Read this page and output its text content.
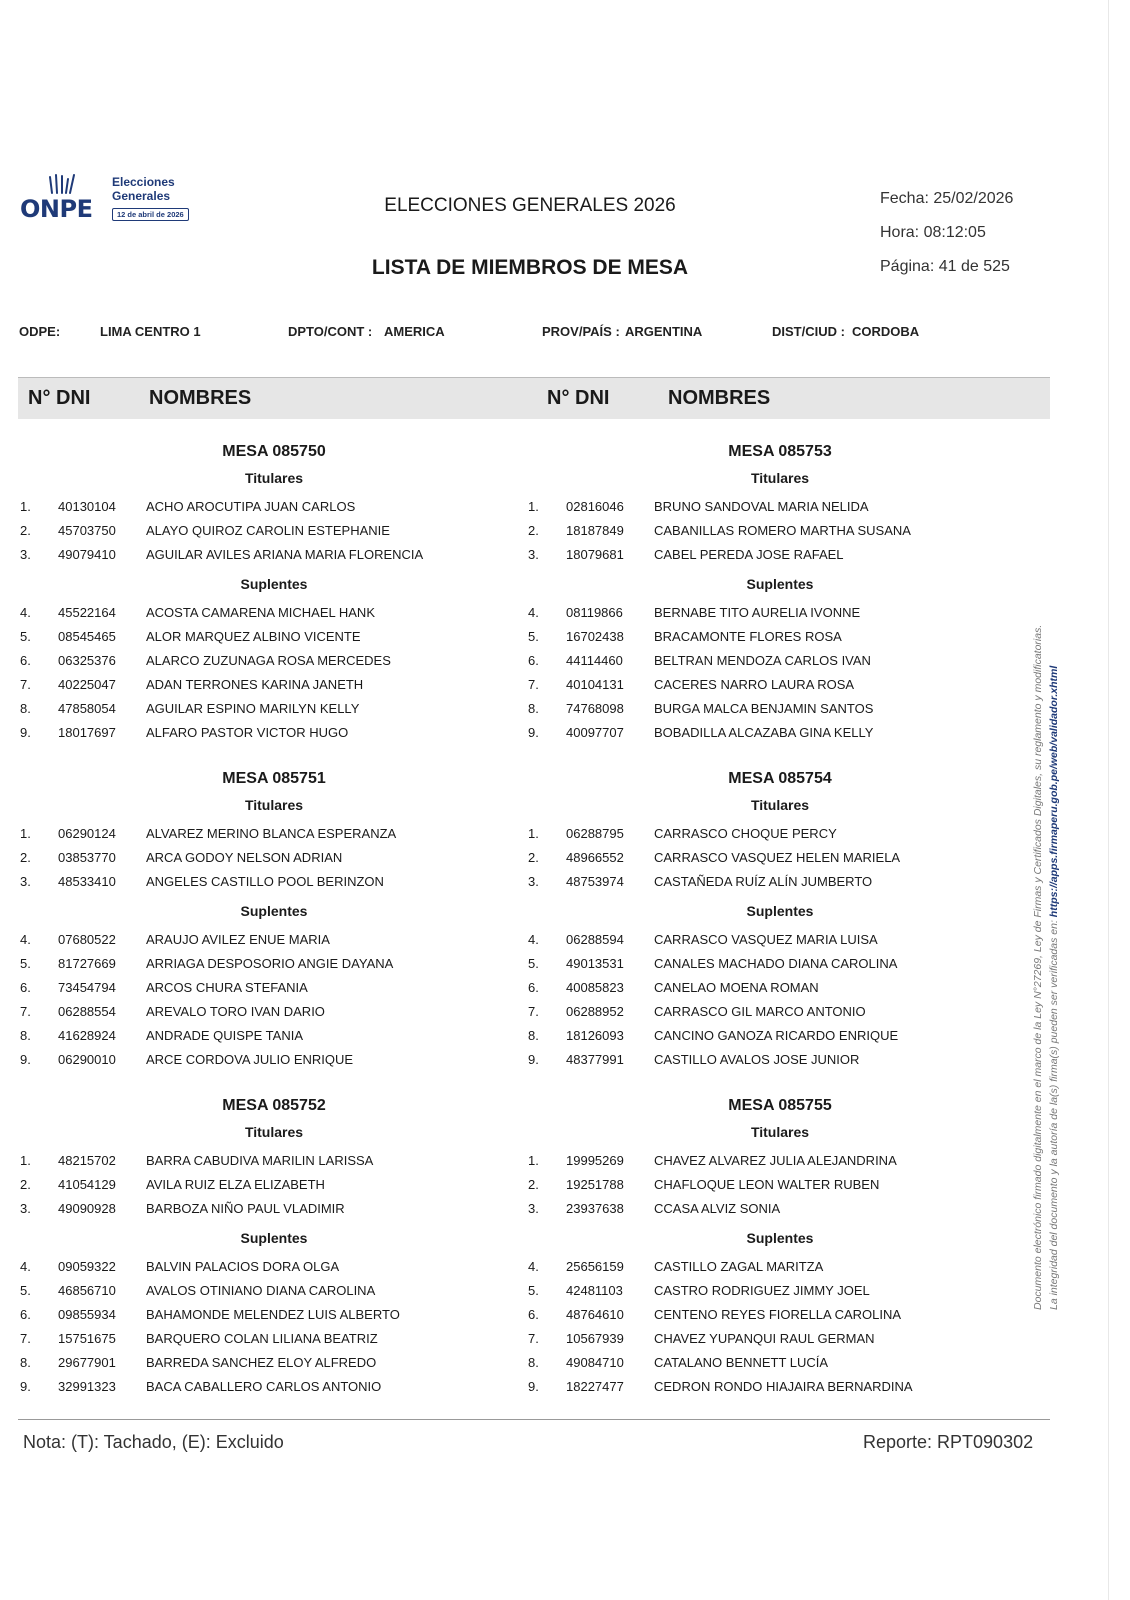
ONPE
Elecciones
Generales
12 de abril de 2026	ELECCIONES GENERALES 2026
LISTA DE MIEMBROS DE MESA
Fecha: 25/02/2026
Hora: 08:12:05
Página: 41 de 525
ODPE:	LIMA CENTRO 1	DPTO/CONT : AMERICA	PROV/PAÍS : ARGENTINA	DIST/CIUD : CORDOBA
N° DNI	NOMBRES	N° DNI	NOMBRES
MESA 085750
Titulares
1. 40130104 ACHO AROCUTIPA JUAN CARLOS
2. 45703750 ALAYO QUIROZ CAROLIN ESTEPHANIE
3. 49079410 AGUILAR AVILES ARIANA MARIA FLORENCIA
Suplentes
4. 45522164 ACOSTA CAMARENA MICHAEL HANK
5. 08545465 ALOR MARQUEZ ALBINO VICENTE
6. 06325376 ALARCO ZUZUNAGA ROSA MERCEDES
7. 40225047 ADAN TERRONES KARINA JANETH
8. 47858054 AGUILAR ESPINO MARILYN KELLY
9. 18017697 ALFARO PASTOR VICTOR HUGO
MESA 085753
Titulares
1. 02816046 BRUNO SANDOVAL MARIA NELIDA
2. 18187849 CABANILLAS ROMERO MARTHA SUSANA
3. 18079681 CABEL PEREDA JOSE RAFAEL
Suplentes
4. 08119866 BERNABE TITO AURELIA IVONNE
5. 16702438 BRACAMONTE FLORES ROSA
6. 44114460 BELTRAN MENDOZA CARLOS IVAN
7. 40104131 CACERES NARRO LAURA ROSA
8. 74768098 BURGA MALCA BENJAMIN SANTOS
9. 40097707 BOBADILLA ALCAZABA GINA KELLY
MESA 085751
Titulares
1. 06290124 ALVAREZ MERINO BLANCA ESPERANZA
2. 03853770 ARCA GODOY NELSON ADRIAN
3. 48533410 ANGELES CASTILLO POOL BERINZON
Suplentes
4. 07680522 ARAUJO AVILEZ ENUE MARIA
5. 81727669 ARRIAGA DESPOSORIO ANGIE DAYANA
6. 73454794 ARCOS CHURA STEFANIA
7. 06288554 AREVALO TORO IVAN DARIO
8. 41628924 ANDRADE QUISPE TANIA
9. 06290010 ARCE CORDOVA JULIO ENRIQUE
MESA 085754
Titulares
1. 06288795 CARRASCO CHOQUE PERCY
2. 48966552 CARRASCO VASQUEZ HELEN MARIELA
3. 48753974 CASTAÑEDA RUÍZ ALÍN JUMBERTO
Suplentes
4. 06288594 CARRASCO VASQUEZ MARIA LUISA
5. 49013531 CANALES MACHADO DIANA CAROLINA
6. 40085823 CANELAO MOENA ROMAN
7. 06288952 CARRASCO GIL MARCO ANTONIO
8. 18126093 CANCINO GANOZA RICARDO ENRIQUE
9. 48377991 CASTILLO AVALOS JOSE JUNIOR
MESA 085752
Titulares
1. 48215702 BARRA CABUDIVA MARILIN LARISSA
2. 41054129 AVILA RUIZ ELZA ELIZABETH
3. 49090928 BARBOZA NIÑO PAUL VLADIMIR
Suplentes
4. 09059322 BALVIN PALACIOS DORA OLGA
5. 46856710 AVALOS OTINIANO DIANA CAROLINA
6. 09855934 BAHAMONDE MELENDEZ LUIS ALBERTO
7. 15751675 BARQUERO COLAN LILIANA BEATRIZ
8. 29677901 BARREDA SANCHEZ ELOY ALFREDO
9. 32991323 BACA CABALLERO CARLOS ANTONIO
MESA 085755
Titulares
1. 19995269 CHAVEZ ALVAREZ JULIA ALEJANDRINA
2. 19251788 CHAFLOQUE LEON WALTER RUBEN
3. 23937638 CCASA ALVIZ SONIA
Suplentes
4. 25656159 CASTILLO ZAGAL MARITZA
5. 42481103 CASTRO RODRIGUEZ JIMMY JOEL
6. 48764610 CENTENO REYES FIORELLA CAROLINA
7. 10567939 CHAVEZ YUPANQUI RAUL GERMAN
8. 49084710 CATALANO BENNETT LUCÍA
9. 18227477 CEDRON RONDO HIAJAIRA BERNARDINA
Nota: (T): Tachado, (E): Excluido	Reporte: RPT090302
Documento electrónico firmado digitalmente en el marco de la Ley N°27269, Ley de Firmas y Certificados Digitales, su reglamento y modificatorias. La integridad del documento y la autoría de la(s) firma(s) pueden ser verificadas en: https://apps.firmaperu.gob.pe/web/validador.xhtml
